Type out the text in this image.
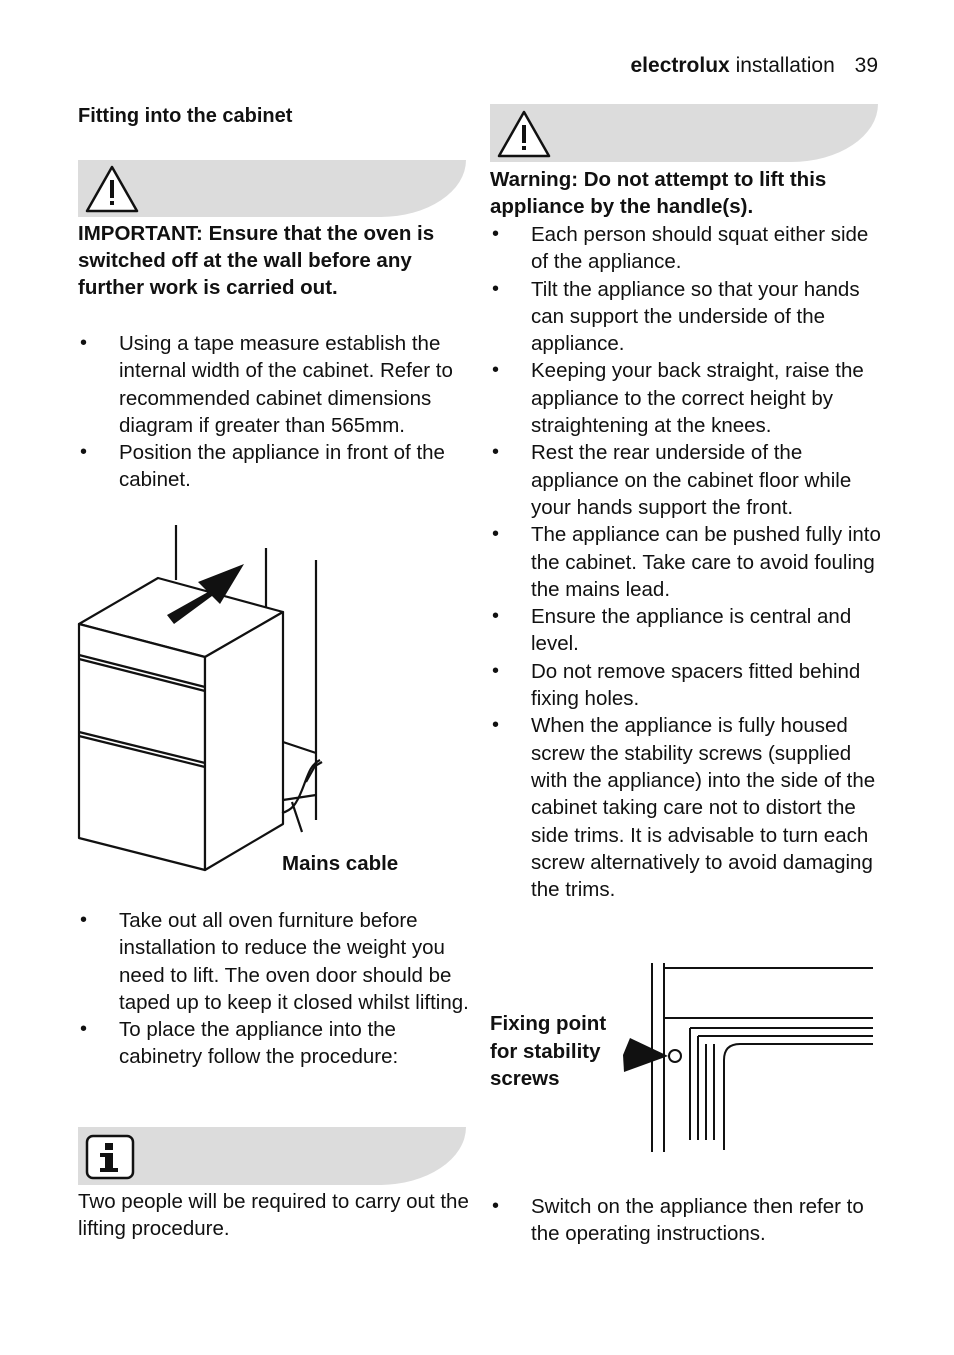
electrolux installation 39
Fitting into the cabinet
IMPORTANT: Ensure that the oven is switched off at the wall before any further work is carried out.
• Using a tape measure establish the internal width of the cabinet. Refer to recommended cabinet dimensions diagram if greater than 565mm.
• Position the appliance in front of the cabinet.
Mains cable
• Take out all oven furniture before installation to reduce the weight you need to lift. The oven door should be taped up to keep it closed whilst lifting.
• To place the appliance into the cabinetry follow the procedure:
Two people will be required to carry out the lifting procedure.
Warning: Do not attempt to lift this appliance by the handle(s).
• Each person should squat either side of the appliance.
• Tilt the appliance so that your hands can support the underside of the appliance.
• Keeping your back straight, raise the appliance to the correct height by straightening at the knees.
• Rest the rear underside of the appliance on the cabinet floor while your hands support the front.
• The appliance can be pushed fully into the cabinet. Take care to avoid fouling the mains lead.
• Ensure the appliance is central and level.
• Do not remove spacers fitted behind fixing holes.
• When the appliance is fully housed screw the stability screws (supplied with the appliance) into the side of the cabinet taking care not to distort the side trims. It is advisable to turn each screw alternatively to avoid damaging the trims.
Fixing point for stability screws
• Switch on the appliance then refer to the operating instructions.
